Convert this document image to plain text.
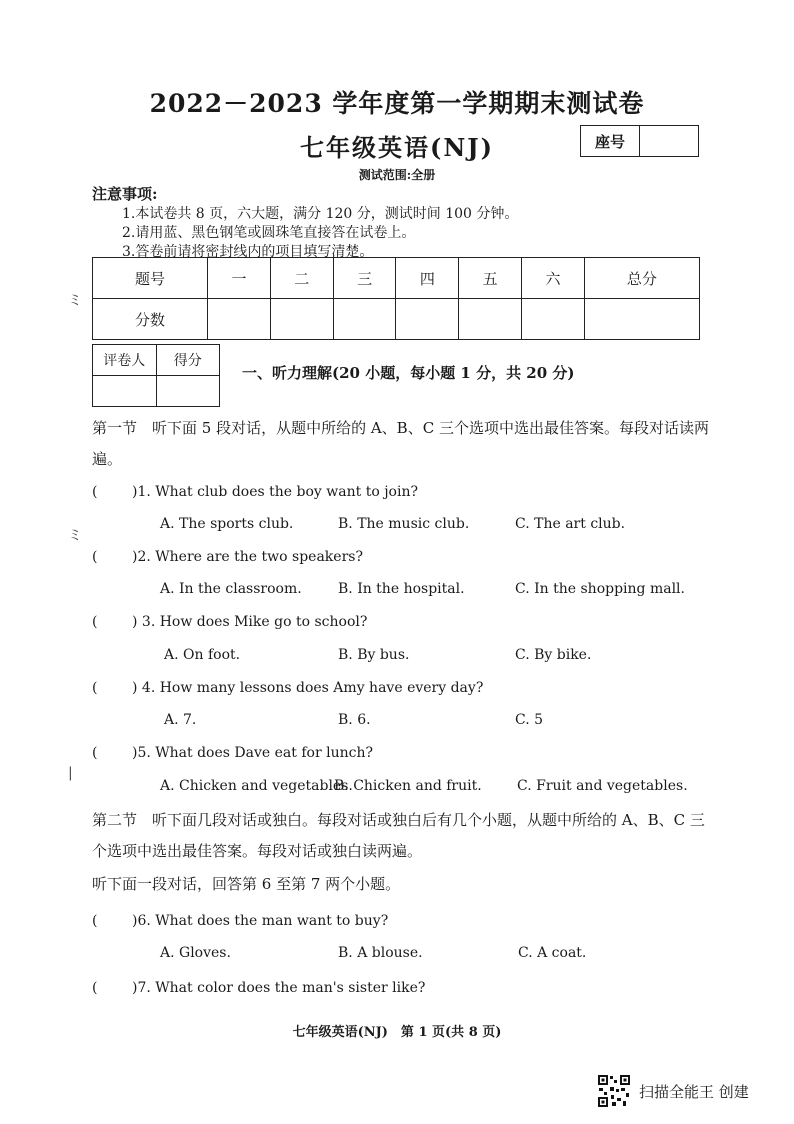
2022－2023 学年度第一学期期末测试卷
七年级英语(NJ)	座号
测试范围:全册
注意事项:
1.本试卷共 8 页，六大题，满分 120 分，测试时间 100 分钟。
2.请用蓝、黑色钢笔或圆珠笔直接答在试卷上。
3.答卷前请将密封线内的项目填写清楚。
题号	一	二	三	四	五	六	总分
分数							
评卷人	得分

一、听力理解(20 小题，每小题 1 分，共 20 分)
第一节　听下面 5 段对话，从题中所给的 A、B、C 三个选项中选出最佳答案。每段对话读两遍。
( )1. What club does the boy want to join?
A. The sports club.	B. The music club.	C. The art club.
( )2. Where are the two speakers?
A. In the classroom.	B. In the hospital.	C. In the shopping mall.
( ) 3. How does Mike go to school?
A. On foot.	B. By bus.	C. By bike.
( ) 4. How many lessons does Amy have every day?
A. 7.	B. 6.	C. 5
( )5. What does Dave eat for lunch?
A. Chicken and vegetables.
B. Chicken and fruit.	C. Fruit and vegetables.
第二节　听下面几段对话或独白。每段对话或独白后有几个小题，从题中所给的 A、B、C 三个选项中选出最佳答案。每段对话或独白读两遍。
听下面一段对话，回答第 6 至第 7 两个小题。
( )6. What does the man want to buy?
A. Gloves.	B. A blouse.	C. A coat.
( )7. What color does the man's sister like?
七年级英语(NJ)　第 1 页(共 8 页)
ミ
ミ
|
扫描全能王 创建
